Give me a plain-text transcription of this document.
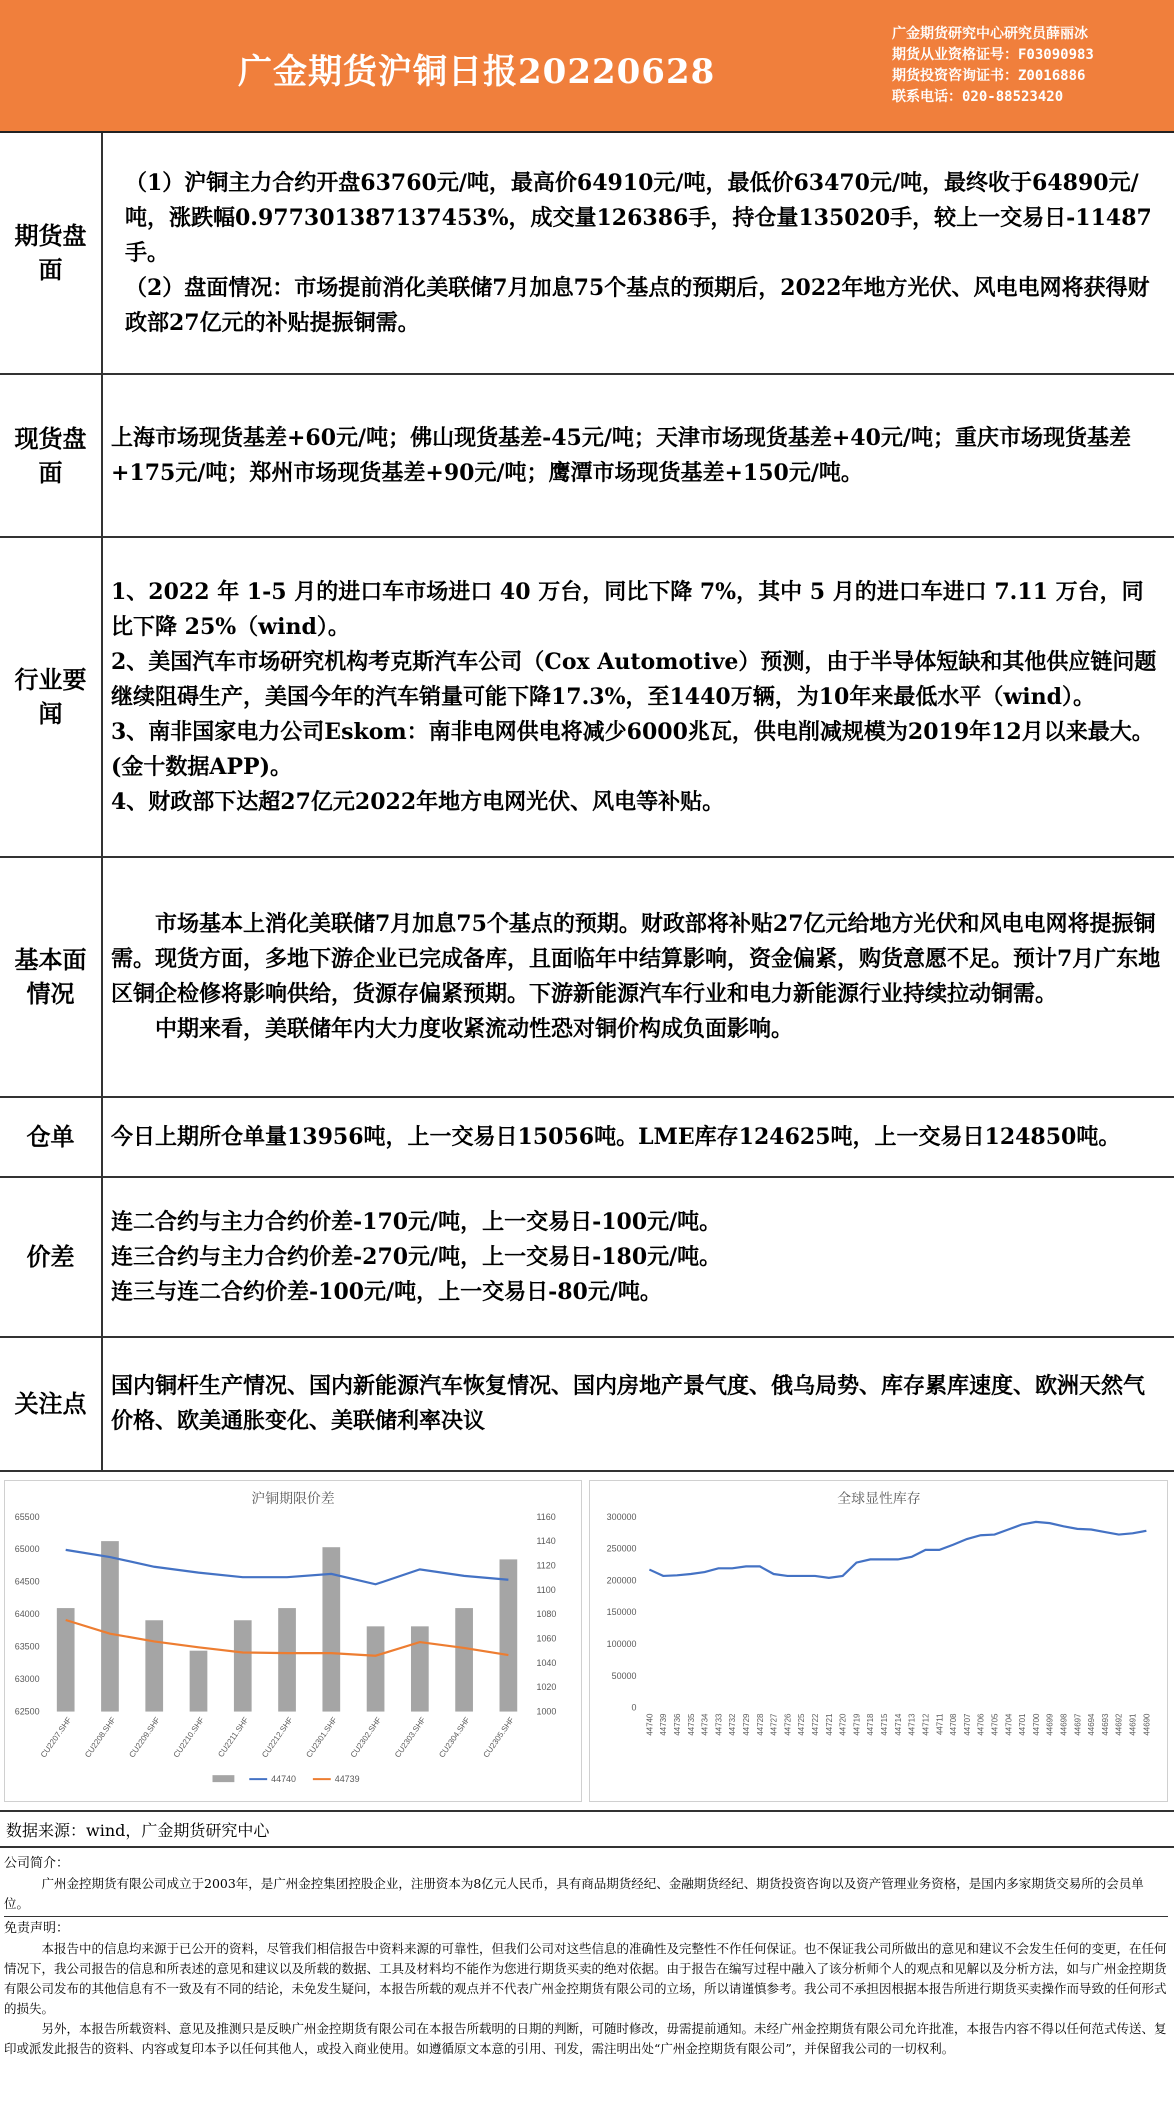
广金期货沪铜日报20220628
广金期货研究中心研究员薛丽冰
期货从业资格证号：F03090983
期货投资咨询证书：Z0016886
联系电话：020-88523420
期货盘面

（1）沪铜主力合约开盘63760元/吨，最高价64910元/吨，最低价63470元/吨，最终收于64890元/吨，涨跌幅0.977301387137453%，成交量126386手，持仓量135020手，较上一交易日-11487手。

（2）盘面情况：市场提前消化美联储7月加息75个基点的预期后，2022年地方光伏、风电电网将获得财政部27亿元的补贴提振铜需。

现货盘面

上海市场现货基差+60元/吨；佛山现货基差-45元/吨；天津市场现货基差+40元/吨；重庆市场现货基差+175元/吨；郑州市场现货基差+90元/吨；鹰潭市场现货基差+150元/吨。

行业要闻

1、2022 年 1-5 月的进口车市场进口 40 万台，同比下降 7%，其中 5 月的进口车进口 7.11 万台，同比下降 25%（wind）。

2、美国汽车市场研究机构考克斯汽车公司（Cox Automotive）预测，由于半导体短缺和其他供应链问题继续阻碍生产，美国今年的汽车销量可能下降17.3%，至1440万辆，为10年来最低水平（wind）。

3、南非国家电力公司Eskom：南非电网供电将减少6000兆瓦，供电削减规模为2019年12月以来最大。(金十数据APP)。

4、财政部下达超27亿元2022年地方电网光伏、风电等补贴。

基本面情况

市场基本上消化美联储7月加息75个基点的预期。财政部将补贴27亿元给地方光伏和风电电网将提振铜需。现货方面，多地下游企业已完成备库，且面临年中结算影响，资金偏紧，购货意愿不足。预计7月广东地区铜企检修将影响供给，货源存偏紧预期。下游新能源汽车行业和电力新能源行业持续拉动铜需。

中期来看，美联储年内大力度收紧流动性恐对铜价构成负面影响。

仓单	今日上期所仓单量13956吨，上一交易日15056吨。LME库存124625吨，上一交易日124850吨。

价差

连二合约与主力合约价差-170元/吨，上一交易日-100元/吨。

连三合约与主力合约价差-270元/吨，上一交易日-180元/吨。

连三与连二合约价差-100元/吨，上一交易日-80元/吨。

关注点

国内铜杆生产情况、国内新能源汽车恢复情况、国内房地产景气度、俄乌局势、库存累库速度、欧洲天然气价格、欧美通胀变化、美联储利率决议

沪铜期限价差
62500
63000
63500
64000
64500
65000
65500
1000
1020
1040
1060
1080
1100
1120
1140
1160
CU2207.SHF CU2208.SHF CU2209.SHF CU2210.SHF CU2211.SHF CU2212.SHF CU2301.SHF CU2302.SHF CU2303.SHF CU2304.SHF CU2305.SHF
44740	44739
全球显性库存
0
50000
100000
150000
200000
250000
300000
44740 44739 44736 44735 44734 44733 44732 44729 44728 44727 44726 44725 44722 44721 44720 44719 44718 44715 44714 44713 44712 44711 44708 44707 44706 44705 44704 44701 44700 44699 44698 44697 44694 44693 44692 44691 44690
数据来源：wind，广金期货研究中心
公司简介：

广州金控期货有限公司成立于2003年，是广州金控集团控股企业，注册资本为8亿元人民币，具有商品期货经纪、金融期货经纪、期货投资咨询以及资产管理业务资格，是国内多家期货交易所的会员单位。

免责声明：

本报告中的信息均来源于已公开的资料，尽管我们相信报告中资料来源的可靠性，但我们公司对这些信息的准确性及完整性不作任何保证。也不保证我公司所做出的意见和建议不会发生任何的变更，在任何情况下，我公司报告的信息和所表述的意见和建议以及所载的数据、工具及材料均不能作为您进行期货买卖的绝对依据。由于报告在编写过程中融入了该分析师个人的观点和见解以及分析方法，如与广州金控期货有限公司发布的其他信息有不一致及有不同的结论，未免发生疑问，本报告所载的观点并不代表广州金控期货有限公司的立场，所以请谨慎参考。我公司不承担因根据本报告所进行期货买卖操作而导致的任何形式的损失。

另外，本报告所载资料、意见及推测只是反映广州金控期货有限公司在本报告所载明的日期的判断，可随时修改，毋需提前通知。未经广州金控期货有限公司允许批准，本报告内容不得以任何范式传送、复印或派发此报告的资料、内容或复印本予以任何其他人，或投入商业使用。如遵循原文本意的引用、刊发，需注明出处“广州金控期货有限公司”，并保留我公司的一切权利。
